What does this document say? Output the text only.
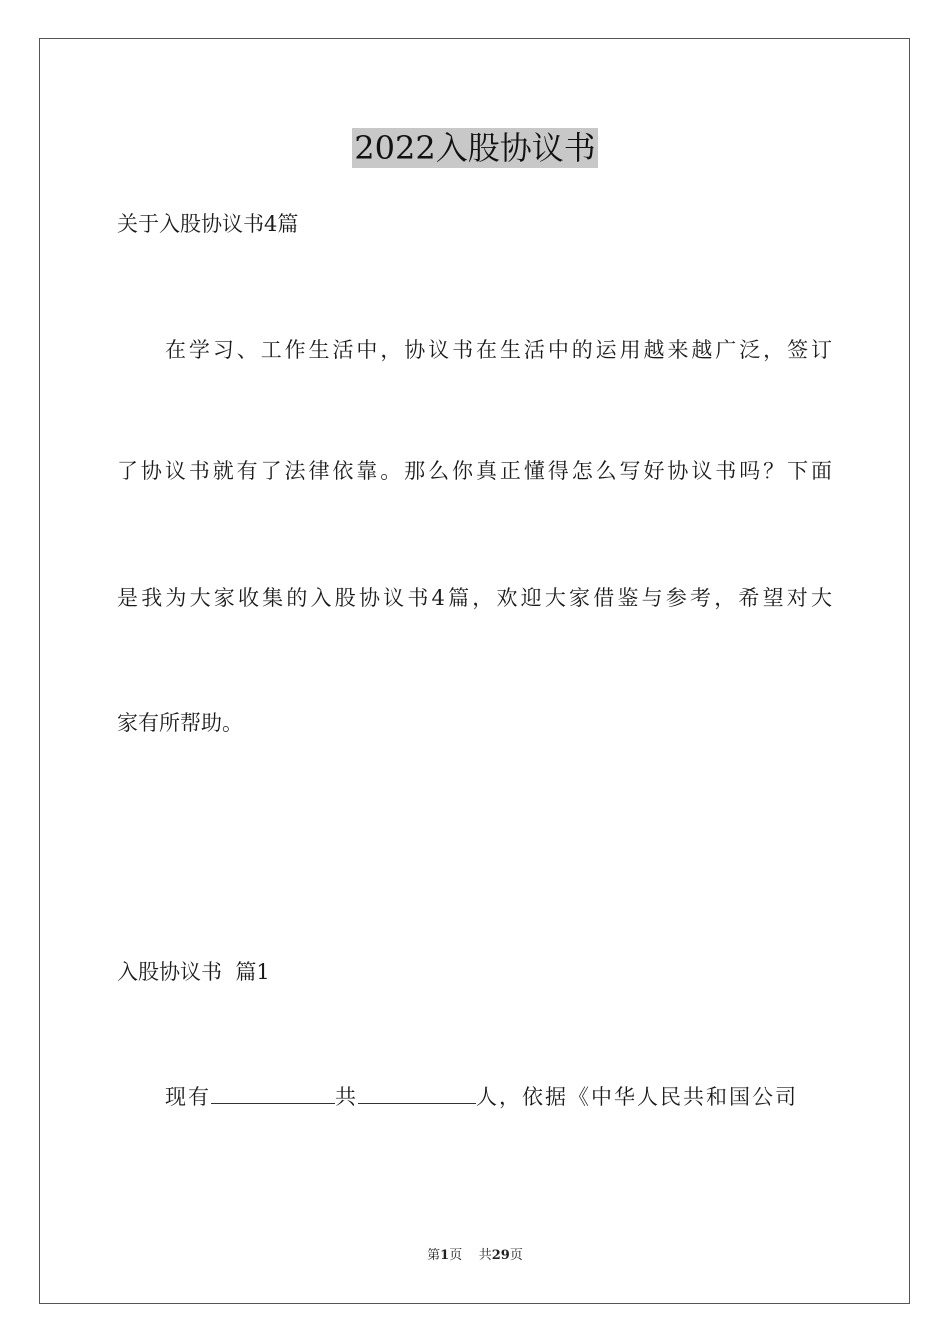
2022入股协议书
关于入股协议书4篇
在学习、工作生活中，协议书在生活中的运用越来越广泛，签订
了协议书就有了法律依靠。那么你真正懂得怎么写好协议书吗？下面
是我为大家收集的入股协议书4篇，欢迎大家借鉴与参考，希望对大
家有所帮助。
入股协议书  篇1
现有	共	人，依据《中华人民共和国公司
第1页 共29页
